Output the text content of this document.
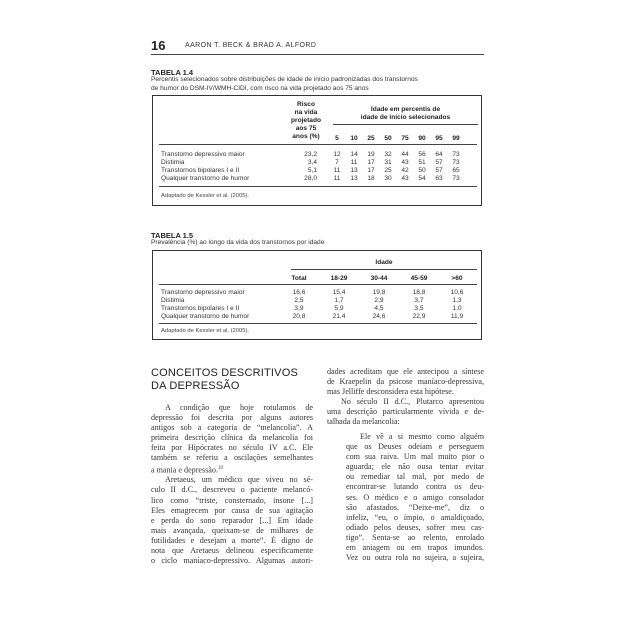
16	AARON T. BECK & BRAD A. ALFORD
TABELA 1.4
Percentis selecionados sobre distribuições de idade de início padronizadas dos transtornos
de humor do DSM-IV/WMH-CIDI, com risco na vida projetado aos 75 anos
Risco
na vida
projetado
aos 75
anos (%)
Idade em percentis de
idade de início selecionados
5	10	25	50	75	90	95	99
Transtorno depressivo maior	23,2	12	14	19	32	44	56	64	73
Distimia	3,4	7	11	17	31	43	51	57	73
Transtornos bipolares I e II	5,1	11	13	17	25	42	50	57	65
Qualquer transtorno de humor	28,0	11	13	18	30	43	54	63	73
Adaptado de Kessler et al. (2005).
TABELA 1.5
Prevalência (%) ao longo da vida dos transtornos por idade
Idade
Total	18-29	30-44	45-59	>60
Transtorno depressivo maior	16,6	15,4	19,8	18,8	10,6
Distimia	2,5	1,7	2,9	3,7	1,3
Transtornos bipolares I e II	3,9	5,9	4,5	3,5	1,0
Qualquer transtorno de humor	20,8	21,4	24,6	22,9	11,9
Adaptado de Kessler et al. (2005).
CONCEITOS DESCRITIVOS
DA DEPRESSÃO
A condição que hoje rotulamos de
depressão foi descrita por alguns autores
antigos sob a categoria de “melancolia”. A
primeira descrição clínica da melancolia foi
feita por Hipócrates no século IV a.C. Ele
também se referiu a oscilações semelhantes
a mania e depressão.$^{10}$
Aretaeus, um médico que viveu no sé-
culo II d.C., descreveu o paciente melancó-
lico como “triste, consternado, insone [...]
Eles emagrecem por causa de sua agitação
e perda do sono reparador [...] Em idade
mais avançada, queixam-se de milhares de
futilidades e desejam a morte”. É digno de
nota que Aretaeus delineou especificamente
o ciclo maníaco-depressivo. Algumas autori-
dades acreditam que ele antecipou a síntese
de Kraepelin da psicose maníaco-depressiva,
mas Jelliffe desconsidera esta hipótese.
No século II d.C., Plutarco apresentou
uma descrição particularmente vívida e de-
talhada da melancolia:
Ele vê a si mesmo como alguém
que os Deuses odeiam e perseguem
com sua raiva. Um mal muito pior o
aguarda; ele não ousa tentar evitar
ou remediar tal mal, por medo de
encontrar-se lutando contra os deu-
ses. O médico e o amigo consolador
são afastados. “Deixe-me”, diz o
infeliz, “eu, o ímpio, o amaldiçoado,
odiado pelos deuses, sofrer meu cas-
tigo”. Senta-se ao relento, enrolado
em aniagem ou em trapos imundos.
Vez ou outra rola no sujeira, a sujeira,
